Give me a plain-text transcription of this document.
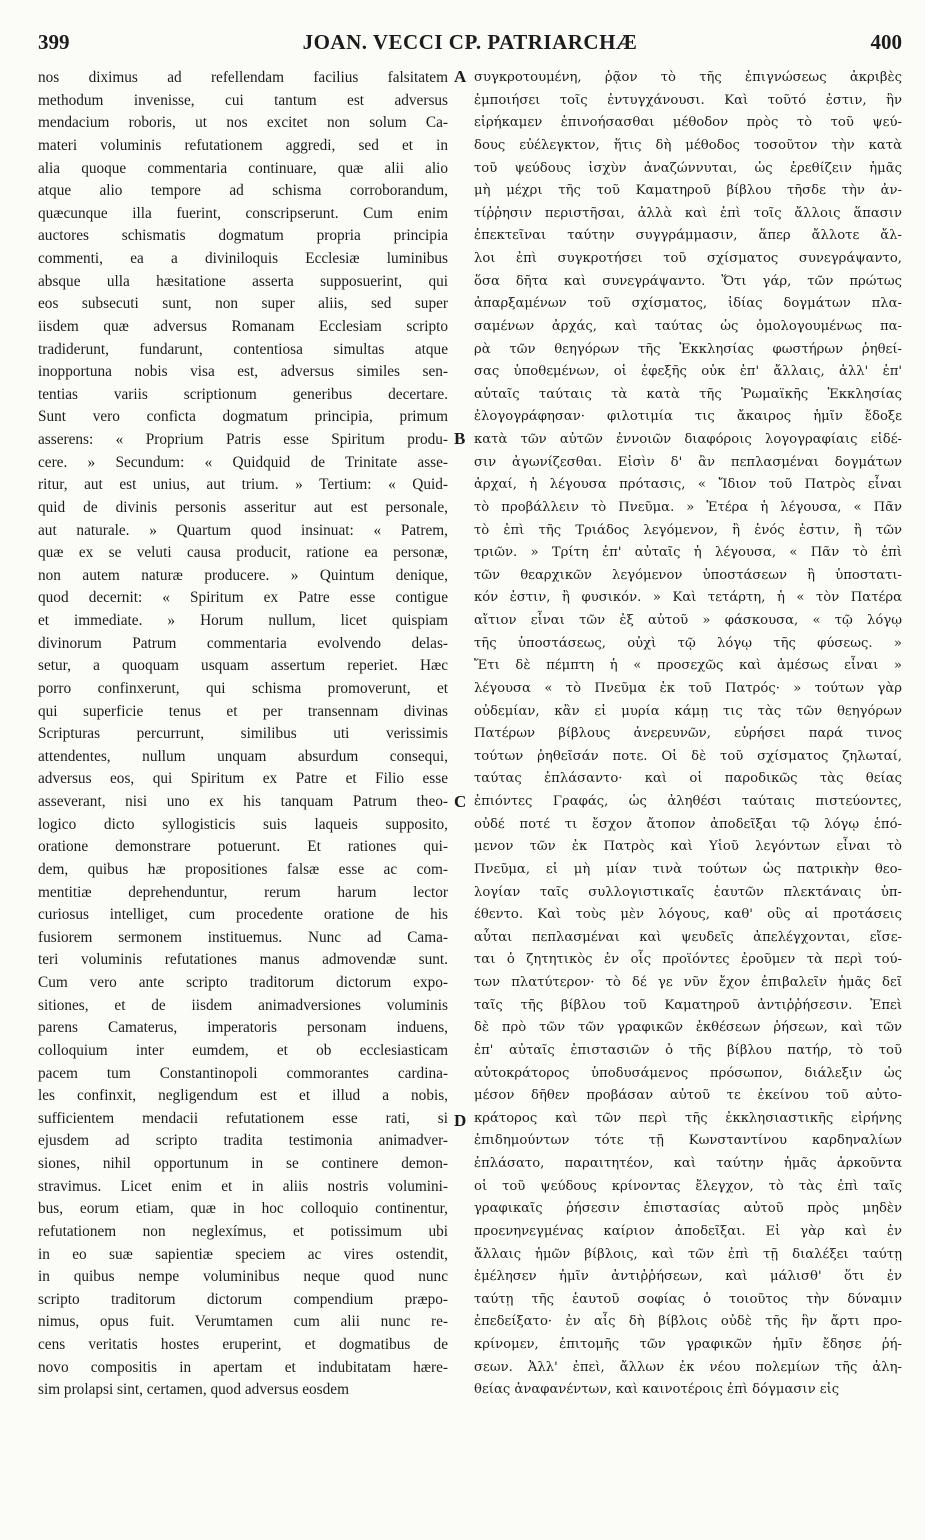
399	JOAN. VECCI CP. PATRIARCHÆ	400
nos diximus ad refellendam facilius falsitatem
methodum invenisse, cui tantum est adversus
mendacium roboris, ut nos excitet non solum Ca-
materi voluminis refutationem aggredi, sed et in
alia quoque commentaria continuare, quæ alii alio
atque alio tempore ad schisma corroborandum,
quæcunque illa fuerint, conscripserunt. Cum enim
auctores schismatis dogmatum propria principia
commenti, ea a diviniloquis Ecclesiæ luminibus
absque ulla hæsitatione asserta supposuerint, qui
eos subsecuti sunt, non super aliis, sed super
iisdem quæ adversus Romanam Ecclesiam scripto
tradiderunt, fundarunt, contentiosa simultas atque
inopportuna nobis visa est, adversus similes sen-
tentias variis scriptionum generibus decertare.
Sunt vero conficta dogmatum principia, primum
asserens: « Proprium Patris esse Spiritum produ-
cere. » Secundum: « Quidquid de Trinitate asse-
ritur, aut est unius, aut trium. » Tertium: « Quid-
quid de divinis personis asseritur aut est personale,
aut naturale. » Quartum quod insinuat: « Patrem,
quæ ex se veluti causa producit, ratione ea personæ,
non autem naturæ producere. » Quintum denique,
quod decernit: « Spiritum ex Patre esse contigue
et immediate. » Horum nullum, licet quispiam
divinorum Patrum commentaria evolvendo delas-
setur, a quoquam usquam assertum reperiet. Hæc
porro confinxerunt, qui schisma promoverunt, et
qui superficie tenus et per transennam divinas
Scripturas percurrunt, similibus uti verissimis
attendentes, nullum unquam absurdum consequi,
adversus eos, qui Spiritum ex Patre et Filio esse
asseverant, nisi uno ex his tanquam Patrum theo-
logico dicto syllogisticis suis laqueis supposito,
oratione demonstrare potuerunt. Et rationes qui-
dem, quibus hæ propositiones falsæ esse ac com-
mentitiæ deprehenduntur, rerum harum lector
curiosus intelliget, cum procedente oratione de his
fusiorem sermonem instituemus. Nunc ad Cama-
teri voluminis refutationes manus admovendæ sunt.
Cum vero ante scripto traditorum dictorum expo-
sitiones, et de iisdem animadversiones voluminis
parens Camaterus, imperatoris personam induens,
colloquium inter eumdem, et ob ecclesiasticam
pacem tum Constantinopoli commorantes cardina-
les confinxit, negligendum est et illud a nobis,
sufficientem mendacii refutationem esse rati, si
ejusdem ad scripto tradita testimonia animadver-
siones, nihil opportunum in se continere demon-
stravimus. Licet enim et in aliis nostris volumini-
bus, eorum etiam, quæ in hoc colloquio continentur,
refutationem non neglexímus, et potissimum ubi
in eo suæ sapientiæ speciem ac vires ostendit,
in quibus nempe voluminibus neque quod nunc
scripto traditorum dictorum compendium præpo-
nimus, opus fuit. Verumtamen cum alii nunc re-
cens veritatis hostes eruperint, et dogmatibus de
novo compositis in apertam et indubitatam hære-
sim prolapsi sint, certamen, quod adversus eosdem
A
B
C
D
συγκροτουμένη, ῥᾷον τὸ τῆς ἐπιγνώσεως ἀκριβὲς
ἐμποιήσει τοῖς ἐντυγχάνουσι. Καὶ τοῦτό ἐστιν, ἣν
εἰρήκαμεν ἐπινοήσασθαι μέθοδον πρὸς τὸ τοῦ ψεύ-
δους εὐέλεγκτον, ἥτις δὴ μέθοδος τοσοῦτον τὴν κατὰ
τοῦ ψεύδους ἰσχὺν ἀναζώννυται, ὡς ἐρεθίζειν ἡμᾶς
μὴ μέχρι τῆς τοῦ Καματηροῦ βίβλου τῆσδε τὴν ἀν-
τίῤῥησιν περιστῆσαι, ἀλλὰ καὶ ἐπὶ τοῖς ἄλλοις ἅπασιν
ἐπεκτεῖναι ταύτην συγγράμμασιν, ἅπερ ἄλλοτε ἄλ-
λοι ἐπὶ συγκροτήσει τοῦ σχίσματος συνεγράψαντο,
ὅσα δῆτα καὶ συνεγράψαντο. Ὅτι γάρ, τῶν πρώτως
ἀπαρξαμένων τοῦ σχίσματος, ἰδίας δογμάτων πλα-
σαμένων ἀρχάς, καὶ ταύτας ὡς ὁμολογουμένως πα-
ρὰ τῶν θεηγόρων τῆς Ἐκκλησίας φωστήρων ῥηθεί-
σας ὑποθεμένων, οἱ ἐφεξῆς οὐκ ἐπ' ἄλλαις, ἀλλ' ἐπ'
αὐταῖς ταύταις τὰ κατὰ τῆς Ῥωμαϊκῆς Ἐκκλησίας
ἐλογογράφησαν· φιλοτιμία τις ἄκαιρος ἡμῖν ἔδοξε
κατὰ τῶν αὐτῶν ἐννοιῶν διαφόροις λογογραφίαις εἰδέ-
σιν ἀγωνίζεσθαι. Εἰσὶν δ' ἂν πεπλασμέναι δογμάτων
ἀρχαί, ἡ λέγουσα πρότασις, « Ἴδιον τοῦ Πατρὸς εἶναι
τὸ προβάλλειν τὸ Πνεῦμα. » Ἑτέρα ἡ λέγουσα, « Πᾶν
τὸ ἐπὶ τῆς Τριάδος λεγόμενον, ἢ ἑνός ἐστιν, ἢ τῶν
τριῶν. » Τρίτη ἐπ' αὐταῖς ἡ λέγουσα, « Πᾶν τὸ ἐπὶ
τῶν θεαρχικῶν λεγόμενον ὑποστάσεων ἢ ὑποστατι-
κόν ἐστιν, ἢ φυσικόν. » Καὶ τετάρτη, ἡ « τὸν Πατέρα
αἴτιον εἶναι τῶν ἐξ αὐτοῦ » φάσκουσα, « τῷ λόγῳ
τῆς ὑποστάσεως, οὐχὶ τῷ λόγῳ τῆς φύσεως. »
Ἔτι δὲ πέμπτη ἡ « προσεχῶς καὶ ἀμέσως εἶναι »
λέγουσα « τὸ Πνεῦμα ἐκ τοῦ Πατρός· » τούτων γὰρ
οὐδεμίαν, κἂν εἰ μυρία κάμῃ τις τὰς τῶν θεηγόρων
Πατέρων βίβλους ἀνερευνῶν, εὑρήσει παρά τινος
τούτων ῥηθεῖσάν ποτε. Οἱ δὲ τοῦ σχίσματος ζηλωταί,
ταύτας ἐπλάσαντο· καὶ οἱ παροδικῶς τὰς θείας
ἐπιόντες Γραφάς, ὡς ἀληθέσι ταύταις πιστεύοντες,
οὐδέ ποτέ τι ἔσχον ἄτοπον ἀποδεῖξαι τῷ λόγῳ ἑπό-
μενον τῶν ἐκ Πατρὸς καὶ Υἱοῦ λεγόντων εἶναι τὸ
Πνεῦμα, εἰ μὴ μίαν τινὰ τούτων ὡς πατρικὴν θεο-
λογίαν ταῖς συλλογιστικαῖς ἑαυτῶν πλεκτάναις ὑπ-
έθεντο. Καὶ τοὺς μὲν λόγους, καθ' οὓς αἱ προτάσεις
αὗται πεπλασμέναι καὶ ψευδεῖς ἀπελέγχονται, εἴσε-
ται ὁ ζητητικὸς ἐν οἷς προϊόντες ἐροῦμεν τὰ περὶ τού-
των πλατύτερον· τὸ δέ γε νῦν ἔχον ἐπιβαλεῖν ἡμᾶς δεῖ
ταῖς τῆς βίβλου τοῦ Καματηροῦ ἀντιῤῥήσεσιν. Ἐπεὶ
δὲ πρὸ τῶν τῶν γραφικῶν ἐκθέσεων ῥήσεων, καὶ τῶν
ἐπ' αὐταῖς ἐπιστασιῶν ὁ τῆς βίβλου πατήρ, τὸ τοῦ
αὐτοκράτορος ὑποδυσάμενος πρόσωπον, διάλεξιν ὡς
μέσον δῆθεν προβάσαν αὐτοῦ τε ἐκείνου τοῦ αὐτο-
κράτορος καὶ τῶν περὶ τῆς ἐκκλησιαστικῆς εἰρήνης
ἐπιδημούντων τότε τῇ Κωνσταντίνου καρδηναλίων
ἐπλάσατο, παραιτητέον, καὶ ταύτην ἡμᾶς ἀρκοῦντα
οἱ τοῦ ψεύδους κρίνοντας ἔλεγχον, τὸ τὰς ἐπὶ ταῖς
γραφικαῖς ῥήσεσιν ἐπιστασίας αὐτοῦ πρὸς μηδὲν
προενηνεγμένας καίριον ἀποδεῖξαι. Εἰ γὰρ καὶ ἐν
ἄλλαις ἡμῶν βίβλοις, καὶ τῶν ἐπὶ τῇ διαλέξει ταύτῃ
ἐμέλησεν ἡμῖν ἀντιῤῥήσεων, καὶ μάλισθ' ὅτι ἐν
ταύτῃ τῆς ἑαυτοῦ σοφίας ὁ τοιοῦτος τὴν δύναμιν
ἐπεδείξατο· ἐν αἷς δὴ βίβλοις οὐδὲ τῆς ἣν ἄρτι προ-
κρίνομεν, ἐπιτομῆς τῶν γραφικῶν ἡμῖν ἔδησε ῥή-
σεων. Ἀλλ' ἐπεὶ, ἄλλων ἐκ νέου πολεμίων τῆς ἀλη-
θείας ἀναφανέντων, καὶ καινοτέροις ἐπὶ δόγμασιν εἰς
